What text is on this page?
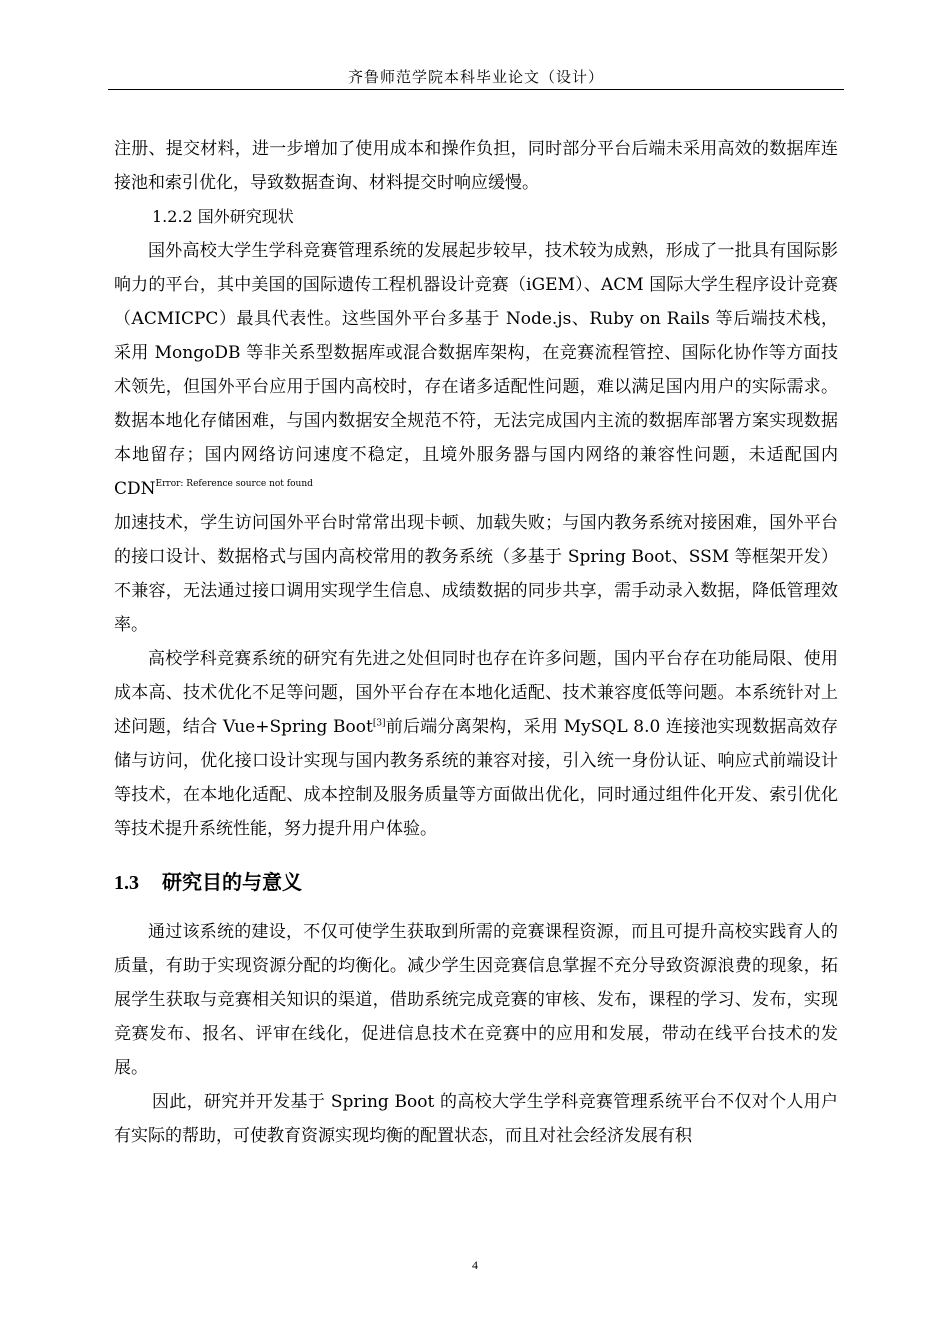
齐鲁师范学院本科毕业论文（设计）

注册、提交材料，进一步增加了使用成本和操作负担，同时部分平台后端未采用高效的数据库连接池和索引优化，导致数据查询、材料提交时响应缓慢。

1.2.2 国外研究现状

国外高校大学生学科竞赛管理系统的发展起步较早，技术较为成熟，形成了一批具有国际影响力的平台，其中美国的国际遗传工程机器设计竞赛（iGEM）、ACM 国际大学生程序设计竞赛（ACMICPC）最具代表性。这些国外平台多基于 Node.js、Ruby on Rails 等后端技术栈，采用 MongoDB 等非关系型数据库或混合数据库架构，在竞赛流程管控、国际化协作等方面技术领先，但国外平台应用于国内高校时，存在诸多适配性问题，难以满足国内用户的实际需求。数据本地化存储困难，与国内数据安全规范不符，无法完成国内主流的数据库部署方案实现数据本地留存；国内网络访问速度不稳定，且境外服务器与国内网络的兼容性问题，未适配国内 $CDN^{Error: Reference source not found}$
加速技术，学生访问国外平台时常常出现卡顿、加载失败；与国内教务系统对接困难，国外平台的接口设计、数据格式与国内高校常用的教务系统（多基于 Spring Boot、SSM 等框架开发）不兼容，无法通过接口调用实现学生信息、成绩数据的同步共享，需手动录入数据，降低管理效率。

高校学科竞赛系统的研究有先进之处但同时也存在许多问题，国内平台存在功能局限、使用成本高、技术优化不足等问题，国外平台存在本地化适配、技术兼容度低等问题。本系统针对上述问题，结合 Vue+Spring Boot[3]前后端分离架构，采用 MySQL 8.0 连接池实现数据高效存储与访问，优化接口设计实现与国内教务系统的兼容对接，引入统一身份认证、响应式前端设计等技术，在本地化适配、成本控制及服务质量等方面做出优化，同时通过组件化开发、索引优化等技术提升系统性能，努力提升用户体验。

1.3 研究目的与意义

通过该系统的建设，不仅可使学生获取到所需的竞赛课程资源，而且可提升高校实践育人的质量，有助于实现资源分配的均衡化。减少学生因竞赛信息掌握不充分导致资源浪费的现象，拓展学生获取与竞赛相关知识的渠道，借助系统完成竞赛的审核、发布，课程的学习、发布，实现竞赛发布、报名、评审在线化，促进信息技术在竞赛中的应用和发展，带动在线平台技术的发展。

因此，研究并开发基于 Spring Boot 的高校大学生学科竞赛管理系统平台不仅对个人用户有实际的帮助，可使教育资源实现均衡的配置状态，而且对社会经济发展有积

4
